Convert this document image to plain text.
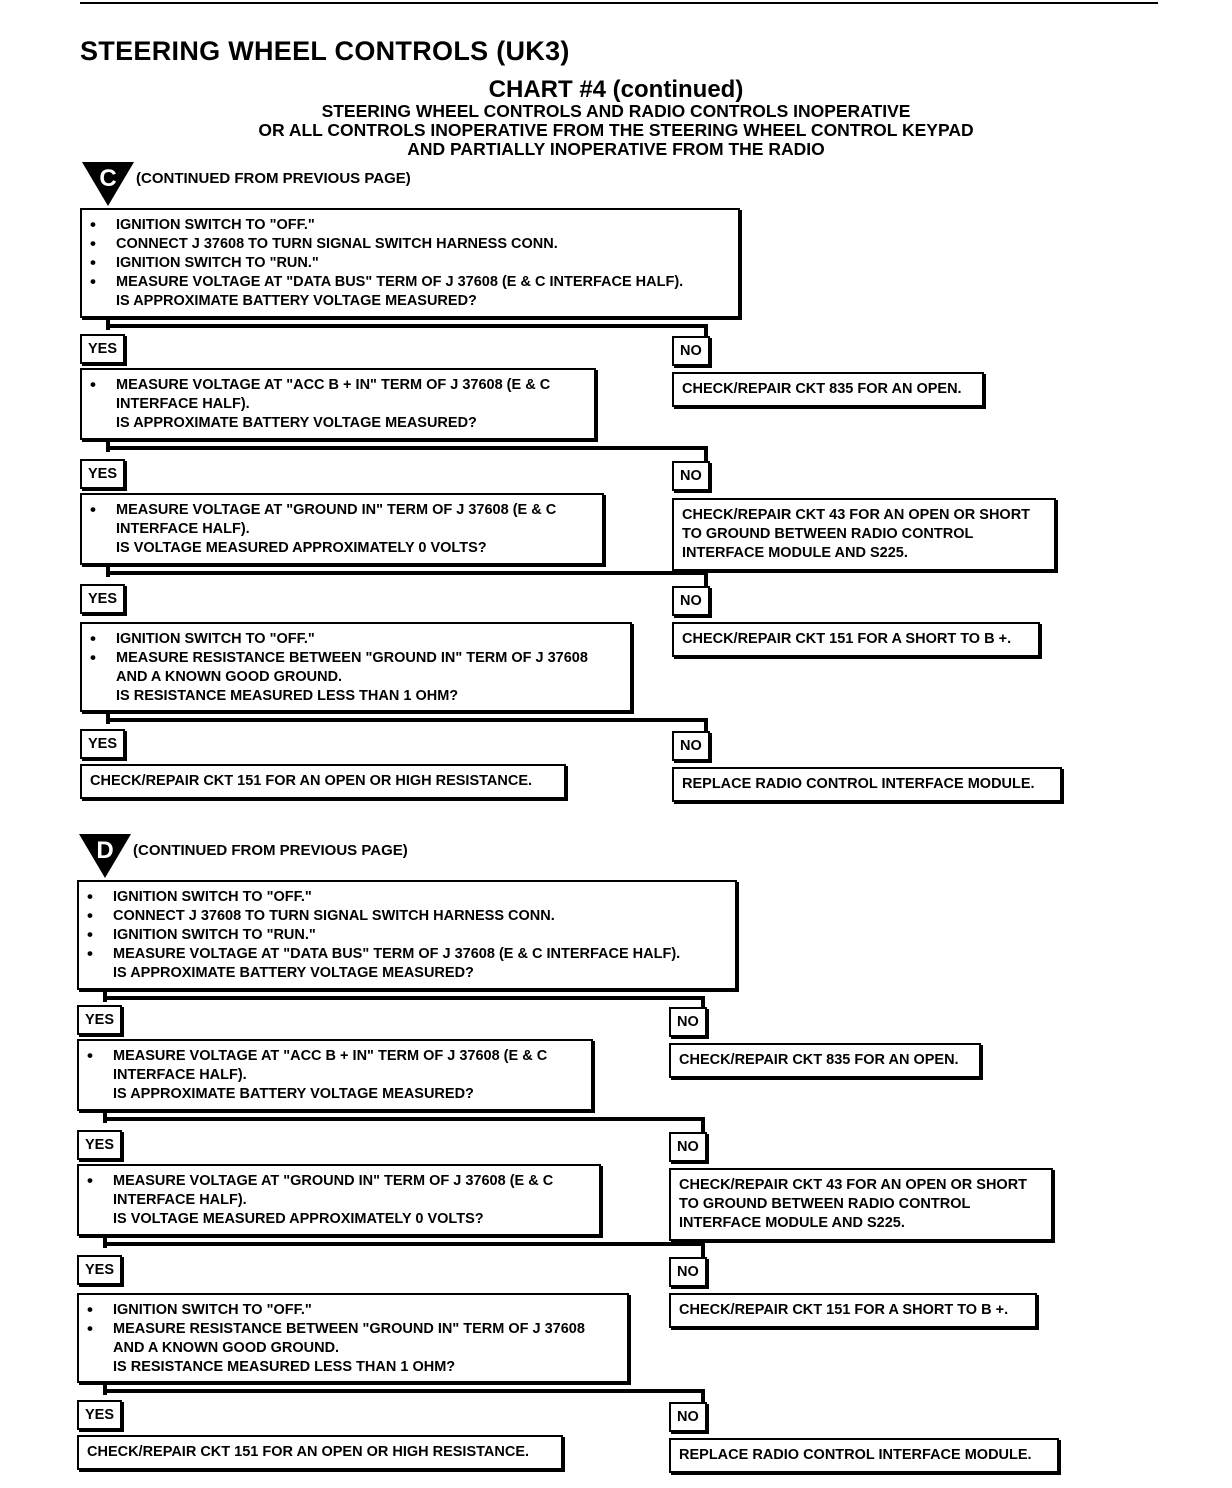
STEERING WHEEL CONTROLS (UK3)
CHART #4 (continued)
STEERING WHEEL CONTROLS AND RADIO CONTROLS INOPERATIVE
OR ALL CONTROLS INOPERATIVE FROM THE STEERING WHEEL CONTROL KEYPAD
AND PARTIALLY INOPERATIVE FROM THE RADIO
C (CONTINUED FROM PREVIOUS PAGE)
• IGNITION SWITCH TO "OFF."
• CONNECT J 37608 TO TURN SIGNAL SWITCH HARNESS CONN.
• IGNITION SWITCH TO "RUN."
• MEASURE VOLTAGE AT "DATA BUS" TERM OF J 37608 (E & C INTERFACE HALF).
IS APPROXIMATE BATTERY VOLTAGE MEASURED?
YES	NO
CHECK/REPAIR CKT 835 FOR AN OPEN.
• MEASURE VOLTAGE AT "ACC B + IN" TERM OF J 37608 (E & C
INTERFACE HALF).
IS APPROXIMATE BATTERY VOLTAGE MEASURED?
YES	NO
CHECK/REPAIR CKT 43 FOR AN OPEN OR SHORT
TO GROUND BETWEEN RADIO CONTROL
INTERFACE MODULE AND S225.
• MEASURE VOLTAGE AT "GROUND IN" TERM OF J 37608 (E & C
INTERFACE HALF).
IS VOLTAGE MEASURED APPROXIMATELY 0 VOLTS?
YES	NO
CHECK/REPAIR CKT 151 FOR A SHORT TO B +.
• IGNITION SWITCH TO "OFF."
• MEASURE RESISTANCE BETWEEN "GROUND IN" TERM OF J 37608
AND A KNOWN GOOD GROUND.
IS RESISTANCE MEASURED LESS THAN 1 OHM?
YES	NO
REPLACE RADIO CONTROL INTERFACE MODULE.
CHECK/REPAIR CKT 151 FOR AN OPEN OR HIGH RESISTANCE.
D (CONTINUED FROM PREVIOUS PAGE)
• IGNITION SWITCH TO "OFF."
• CONNECT J 37608 TO TURN SIGNAL SWITCH HARNESS CONN.
• IGNITION SWITCH TO "RUN."
• MEASURE VOLTAGE AT "DATA BUS" TERM OF J 37608 (E & C INTERFACE HALF).
IS APPROXIMATE BATTERY VOLTAGE MEASURED?
YES	NO
CHECK/REPAIR CKT 835 FOR AN OPEN.
• MEASURE VOLTAGE AT "ACC B + IN" TERM OF J 37608 (E & C
INTERFACE HALF).
IS APPROXIMATE BATTERY VOLTAGE MEASURED?
YES	NO
CHECK/REPAIR CKT 43 FOR AN OPEN OR SHORT
TO GROUND BETWEEN RADIO CONTROL
INTERFACE MODULE AND S225.
• MEASURE VOLTAGE AT "GROUND IN" TERM OF J 37608 (E & C
INTERFACE HALF).
IS VOLTAGE MEASURED APPROXIMATELY 0 VOLTS?
YES	NO
CHECK/REPAIR CKT 151 FOR A SHORT TO B +.
• IGNITION SWITCH TO "OFF."
• MEASURE RESISTANCE BETWEEN "GROUND IN" TERM OF J 37608
AND A KNOWN GOOD GROUND.
IS RESISTANCE MEASURED LESS THAN 1 OHM?
YES	NO
REPLACE RADIO CONTROL INTERFACE MODULE.
CHECK/REPAIR CKT 151 FOR AN OPEN OR HIGH RESISTANCE.
